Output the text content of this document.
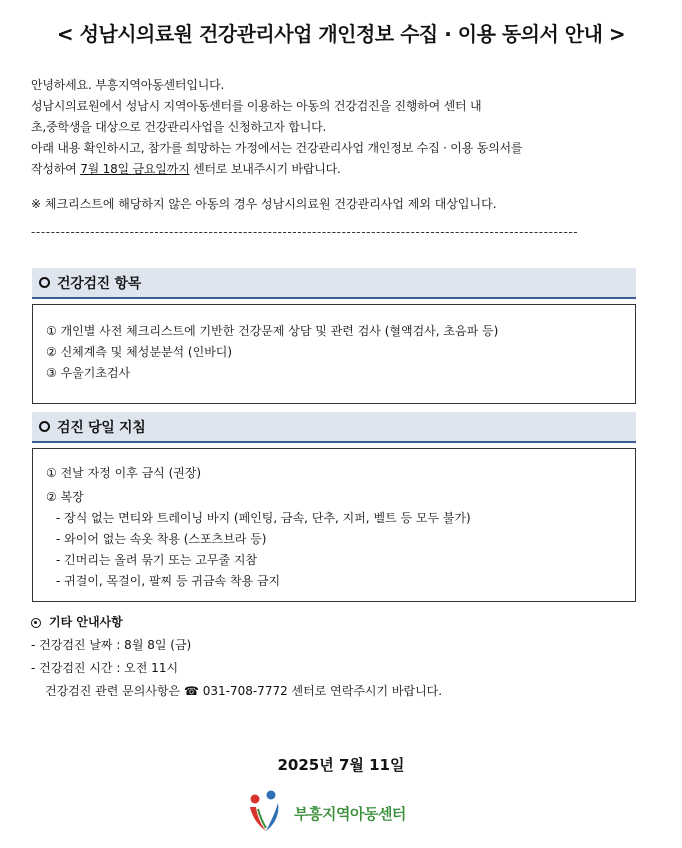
< 성남시의료원 건강관리사업 개인정보 수집 · 이용 동의서 안내 >

안녕하세요. 부흥지역아동센터입니다.

성남시의료원에서 성남시 지역아동센터를 이용하는 아동의 건강검진을 진행하여 센터 내

초,중학생을 대상으로 건강관리사업을 신청하고자 합니다.

아래 내용 확인하시고, 참가를 희망하는 가정에서는 건강관리사업 개인정보 수집 · 이용 동의서를

작성하여 7월 18일 금요일까지 센터로 보내주시기 바랍니다.

※ 체크리스트에 해당하지 않은 아동의 경우 성남시의료원 건강관리사업 제외 대상입니다.
---------------------------------------------------------------------------------------------------------------
건강검진 항목

① 개인별 사전 체크리스트에 기반한 건강문제 상담 및 관련 검사 (혈액검사, 초음파 등)

② 신체계측 및 체성분분석 (인바디)

③ 우울기초검사

검진 당일 지침

① 전날 자정 이후 금식 (권장)

② 복장

- 장식 없는 면티와 트레이닝 바지 (페인팅, 금속, 단추, 지퍼, 벨트 등 모두 불가)

- 와이어 없는 속옷 착용 (스포츠브라 등)

- 긴머리는 올려 묶기 또는 고무줄 지참

- 귀걸이, 목걸이, 팔찌 등 귀금속 착용 금지

기타 안내사항

- 건강검진 날짜 : 8월 8일 (금)

- 건강검진 시간 : 오전 11시

건강검진 관련 문의사항은 ☎ 031-708-7772 센터로 연락주시기 바랍니다.

2025년 7월 11일
부흥지역아동센터
